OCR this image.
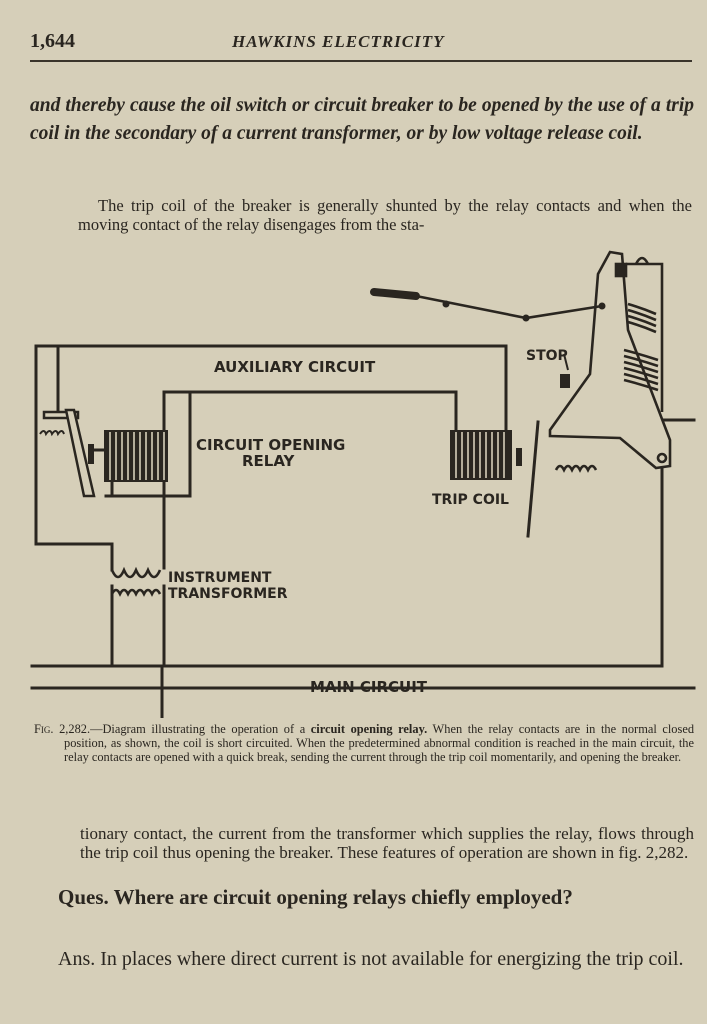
1,644	HAWKINS ELECTRICITY
and thereby cause the oil switch or circuit breaker to be opened by the use of a trip coil in the secondary of a current transformer, or by low voltage release coil.
The trip coil of the breaker is generally shunted by the relay contacts and when the moving contact of the relay disengages from the sta-
AUXILIARY CIRCUIT
STOP
CIRCUIT OPENING
RELAY
TRIP COIL
INSTRUMENT
TRANSFORMER
MAIN CIRCUIT
Fig. 2,282.—Diagram illustrating the operation of a circuit opening relay. When the relay contacts are in the normal closed position, as shown, the coil is short circuited. When the predetermined abnormal condition is reached in the main circuit, the relay contacts are opened with a quick break, sending the current through the trip coil momentarily, and opening the breaker.
tionary contact, the current from the transformer which supplies the relay, flows through the trip coil thus opening the breaker. These features of operation are shown in fig. 2,282.
Ques. Where are circuit opening relays chiefly employed?
Ans. In places where direct current is not available for energizing the trip coil.
